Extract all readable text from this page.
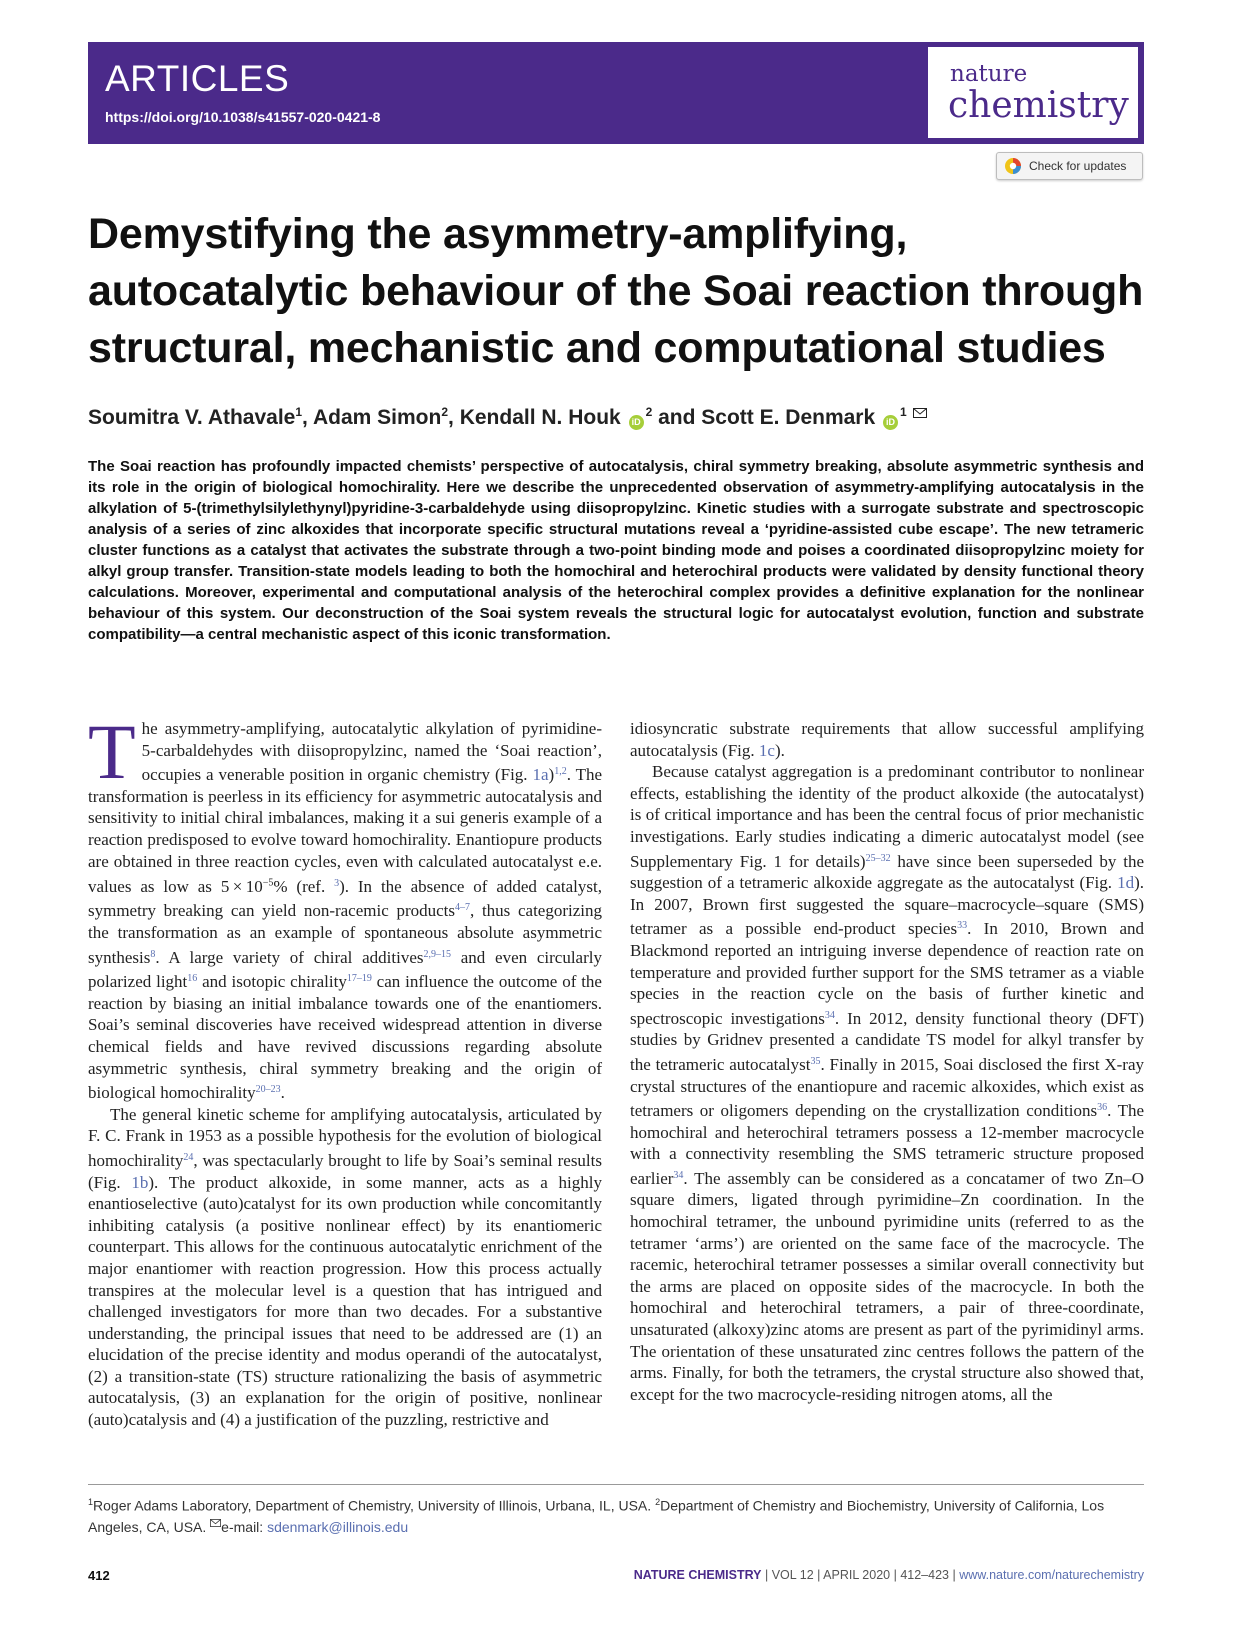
ARTICLES
https://doi.org/10.1038/s41557-020-0421-8
nature
chemistry
Check for updates
Demystifying the asymmetry-amplifying, autocatalytic behaviour of the Soai reaction through structural, mechanistic and computational studies
Soumitra V. Athavale$^1$, Adam Simon$^2$, Kendall N. Houk $iD^2$ and Scott E. Denmark $iD^1$
The Soai reaction has profoundly impacted chemists’ perspective of autocatalysis, chiral symmetry breaking, absolute asymmetric synthesis and its role in the origin of biological homochirality. Here we describe the unprecedented observation of asymmetry-amplifying autocatalysis in the alkylation of 5-(trimethylsilylethynyl)pyridine-3-carbaldehyde using diisopropylzinc. Kinetic studies with a surrogate substrate and spectroscopic analysis of a series of zinc alkoxides that incorporate specific structural mutations reveal a ‘pyridine-assisted cube escape’. The new tetrameric cluster functions as a catalyst that activates the substrate through a two-point binding mode and poises a coordinated diisopropylzinc moiety for alkyl group transfer. Transition-state models leading to both the homochiral and heterochiral products were validated by density functional theory calculations. Moreover, experimental and computational analysis of the heterochiral complex provides a definitive explanation for the nonlinear behaviour of this system. Our deconstruction of the Soai system reveals the structural logic for autocatalyst evolution, function and substrate compatibility—a central mechanistic aspect of this iconic transformation.

The asymmetry-amplifying, autocatalytic alkylation of pyrimidine-5-carbaldehydes with diisopropylzinc, named the ‘Soai reaction’, occupies a venerable position in organic chemistry (Fig. 1a)$^{1,2}$. The transformation is peerless in its efficiency for asymmetric autocatalysis and sensitivity to initial chiral imbalances, making it a sui generis example of a reaction predisposed to evolve toward homochirality. Enantiopure products are obtained in three reaction cycles, even with calculated autocatalyst e.e. values as low as $5 \times 10^{-5}\%$ (ref. $^3$). In the absence of added catalyst, symmetry breaking can yield non-racemic products$^{4-7}$, thus categorizing the transformation as an example of spontaneous absolute asymmetric synthesis$^8$. A large variety of chiral additives$^{2,9-15}$ and even circularly polarized light$^{16}$ and isotopic chirality$^{17-19}$ can influence the outcome of the reaction by biasing an initial imbalance towards one of the enantiomers. Soai’s seminal discoveries have received widespread attention in diverse chemical fields and have revived discussions regarding absolute asymmetric synthesis, chiral symmetry breaking and the origin of biological homochirality$^{20-23}$.

The general kinetic scheme for amplifying autocatalysis, articulated by F. C. Frank in 1953 as a possible hypothesis for the evolution of biological homochirality$^{24}$, was spectacularly brought to life by Soai’s seminal results (Fig. 1b). The product alkoxide, in some manner, acts as a highly enantioselective (auto)catalyst for its own production while concomitantly inhibiting catalysis (a positive nonlinear effect) by its enantiomeric counterpart. This allows for the continuous autocatalytic enrichment of the major enantiomer with reaction progression. How this process actually transpires at the molecular level is a question that has intrigued and challenged investigators for more than two decades. For a substantive understanding, the principal issues that need to be addressed are (1) an elucidation of the precise identity and modus operandi of the autocatalyst, (2) a transition-state (TS) structure rationalizing the basis of asymmetric autocatalysis, (3) an explanation for the origin of positive, nonlinear (auto)catalysis and (4) a justification of the puzzling, restrictive and

idiosyncratic substrate requirements that allow successful amplifying autocatalysis (Fig. 1c).

Because catalyst aggregation is a predominant contributor to nonlinear effects, establishing the identity of the product alkoxide (the autocatalyst) is of critical importance and has been the central focus of prior mechanistic investigations. Early studies indicating a dimeric autocatalyst model (see Supplementary Fig. 1 for details)$^{25-32}$ have since been superseded by the suggestion of a tetrameric alkoxide aggregate as the autocatalyst (Fig. 1d). In 2007, Brown first suggested the square–macrocycle–square (SMS) tetramer as a possible end-product species$^{33}$. In 2010, Brown and Blackmond reported an intriguing inverse dependence of reaction rate on temperature and provided further support for the SMS tetramer as a viable species in the reaction cycle on the basis of further kinetic and spectroscopic investigations$^{34}$. In 2012, density functional theory (DFT) studies by Gridnev presented a candidate TS model for alkyl transfer by the tetrameric autocatalyst$^{35}$. Finally in 2015, Soai disclosed the first X-ray crystal structures of the enantiopure and racemic alkoxides, which exist as tetramers or oligomers depending on the crystallization conditions$^{36}$. The homochiral and heterochiral tetramers possess a 12-member macrocycle with a connectivity resembling the SMS tetrameric structure proposed earlier$^{34}$. The assembly can be considered as a concatamer of two Zn–O square dimers, ligated through pyrimidine–Zn coordination. In the homochiral tetramer, the unbound pyrimidine units (referred to as the tetramer ‘arms’) are oriented on the same face of the macrocycle. The racemic, heterochiral tetramer possesses a similar overall connectivity but the arms are placed on opposite sides of the macrocycle. In both the homochiral and heterochiral tetramers, a pair of three-coordinate, unsaturated (alkoxy)zinc atoms are present as part of the pyrimidinyl arms. The orientation of these unsaturated zinc centres follows the pattern of the arms. Finally, for both the tetramers, the crystal structure also showed that, except for the two macrocycle-residing nitrogen atoms, all the

$^1$Roger Adams Laboratory, Department of Chemistry, University of Illinois, Urbana, IL, USA. $^2$Department of Chemistry and Biochemistry, University of California, Los Angeles, CA, USA. e-mail: sdenmark@illinois.edu
412	NATURE CHEMISTRY | VOL 12 | APRIL 2020 | 412–423 | www.nature.com/naturechemistry
